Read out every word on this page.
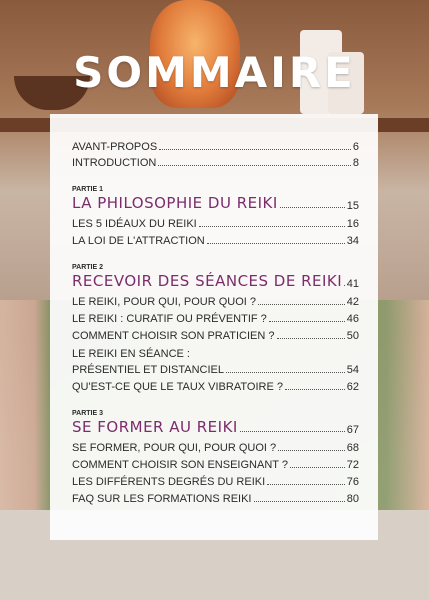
SOMMAIRE
AVANT-PROPOS	6
INTRODUCTION	8
PARTIE 1
LA PHILOSOPHIE DU REIKI	15
LES 5 IDÉAUX DU REIKI	16
LA LOI DE L'ATTRACTION	34
PARTIE 2
RECEVOIR DES SÉANCES DE REIKI 41
LE REIKI, POUR QUI, POUR QUOI ?	42
LE REIKI : CURATIF OU PRÉVENTIF ?	46
COMMENT CHOISIR SON PRATICIEN ?	50
LE REIKI EN SÉANCE :
PRÉSENTIEL ET DISTANCIEL	54
QU'EST-CE QUE LE TAUX VIBRATOIRE ?	62
PARTIE 3
SE FORMER AU REIKI	67
SE FORMER, POUR QUI, POUR QUOI ?	68
COMMENT CHOISIR SON ENSEIGNANT ?	72
LES DIFFÉRENTS DEGRÉS DU REIKI	76
FAQ SUR LES FORMATIONS REIKI	80
